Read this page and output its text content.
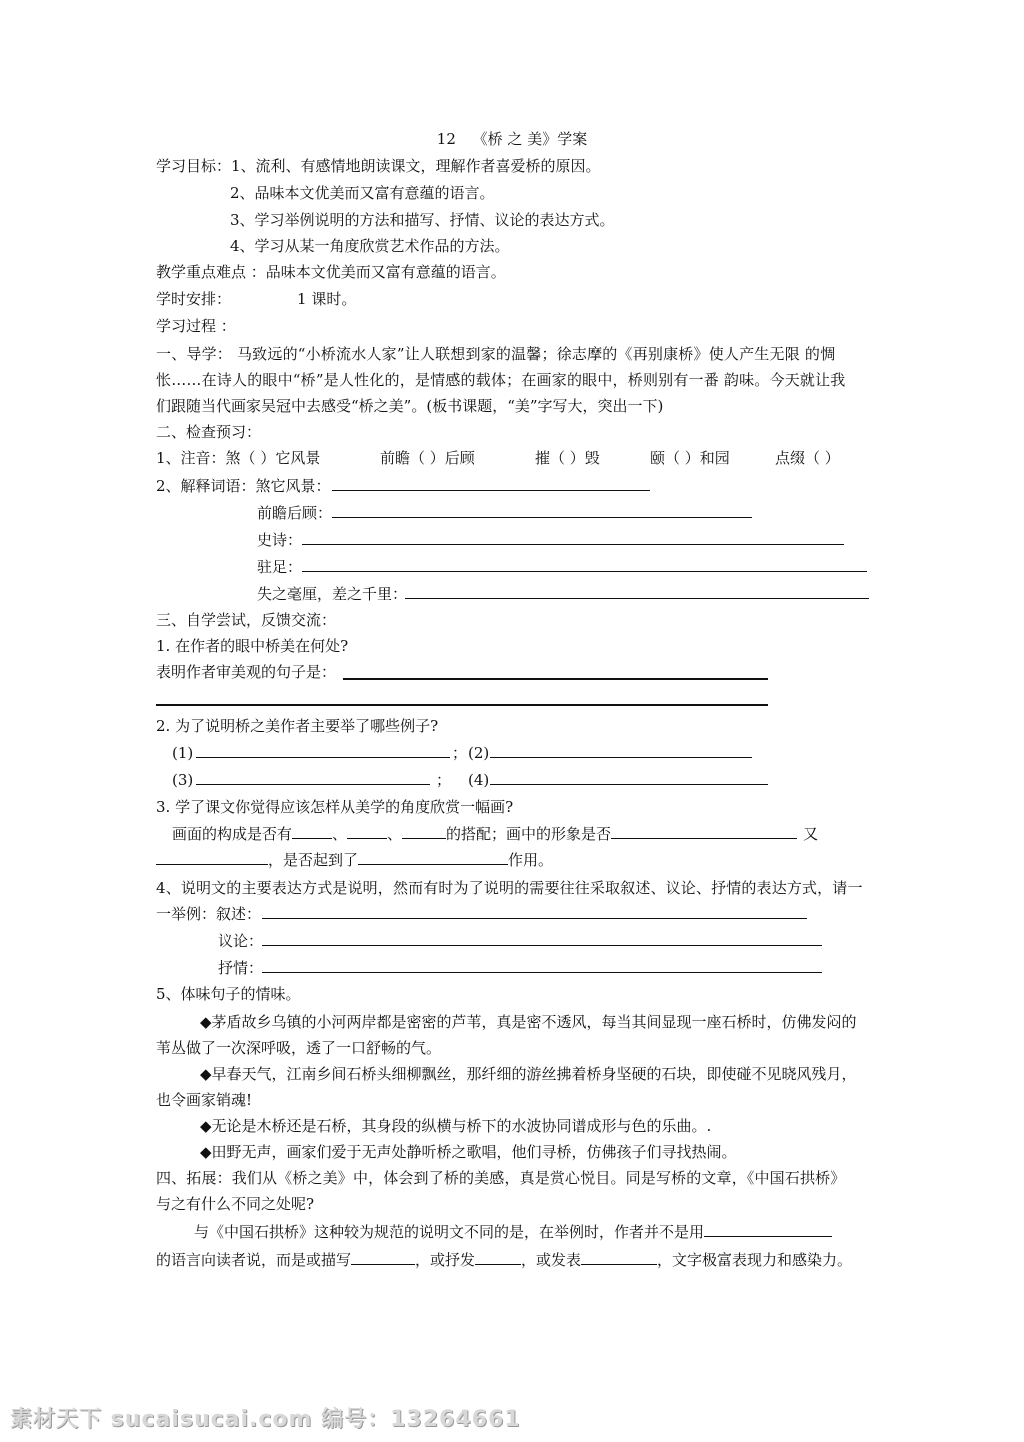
12 《桥 之 美》学案
学习目标：1、流利、有感情地朗读课文，理解作者喜爱桥的原因。
2、品味本文优美而又富有意蕴的语言。
3、学习举例说明的方法和描写、抒情、议论的表达方式。
4、学习从某一角度欣赏艺术作品的方法。
教学重点难点 ：品味本文优美而又富有意蕴的语言。
学时安排：	1 课时。
学习过程 ：
一、导学： 马致远的“小桥流水人家”让人联想到家的温馨；徐志摩的《再别康桥》使人产生无限 的惆
怅……在诗人的眼中“桥”是人性化的，是情感的载体；在画家的眼中，桥则别有一番 韵味。今天就让我
们跟随当代画家吴冠中去感受“桥之美”。(板书课题，“美”字写大，突出一下)
二、检查预习：
1、注音：煞（ ）它风景	前瞻（ ）后顾	摧（ ）毁	颐（ ）和园	点缀（ ）
2、解释词语：煞它风景：
前瞻后顾：
史诗：
驻足：
失之毫厘，差之千里：
三、自学尝试，反馈交流：
1. 在作者的眼中桥美在何处?
表明作者审美观的句子是：
2. 为了说明桥之美作者主要举了哪些例子?
(1)	； (2)
(3)	； (4)
3. 学了课文你觉得应该怎样从美学的角度欣赏一幅画?
画面的构成是否有	、	、	的搭配；画中的形象是否	又
，是否起到了	作用。
4、说明文的主要表达方式是说明，然而有时为了说明的需要往往采取叙述、议论、抒情的表达方式，请一
一举例：叙述：
议论：
抒情：
5、体味句子的情味。
◆茅盾故乡乌镇的小河两岸都是密密的芦苇，真是密不透风，每当其间显现一座石桥时，仿佛发闷的
苇丛做了一次深呼吸，透了一口舒畅的气。
◆早春天气，江南乡间石桥头细柳飘丝，那纤细的游丝拂着桥身坚硬的石块，即使碰不见晓风残月，
也令画家销魂!
◆无论是木桥还是石桥，其身段的纵横与桥下的水波协同谱成形与色的乐曲。.
◆田野无声，画家们爱于无声处静听桥之歌唱，他们寻桥，仿佛孩子们寻找热闹。
四、拓展：我们从《桥之美》中，体会到了桥的美感，真是赏心悦目。同是写桥的文章，《中国石拱桥》
与之有什么不同之处呢?
与《中国石拱桥》这种较为规范的说明文不同的是，在举例时，作者并不是用
的语言向读者说，而是或描写	，或抒发	，或发表	，文字极富表现力和感染力。
素材天下 sucaisucai.com 编号：13264661
